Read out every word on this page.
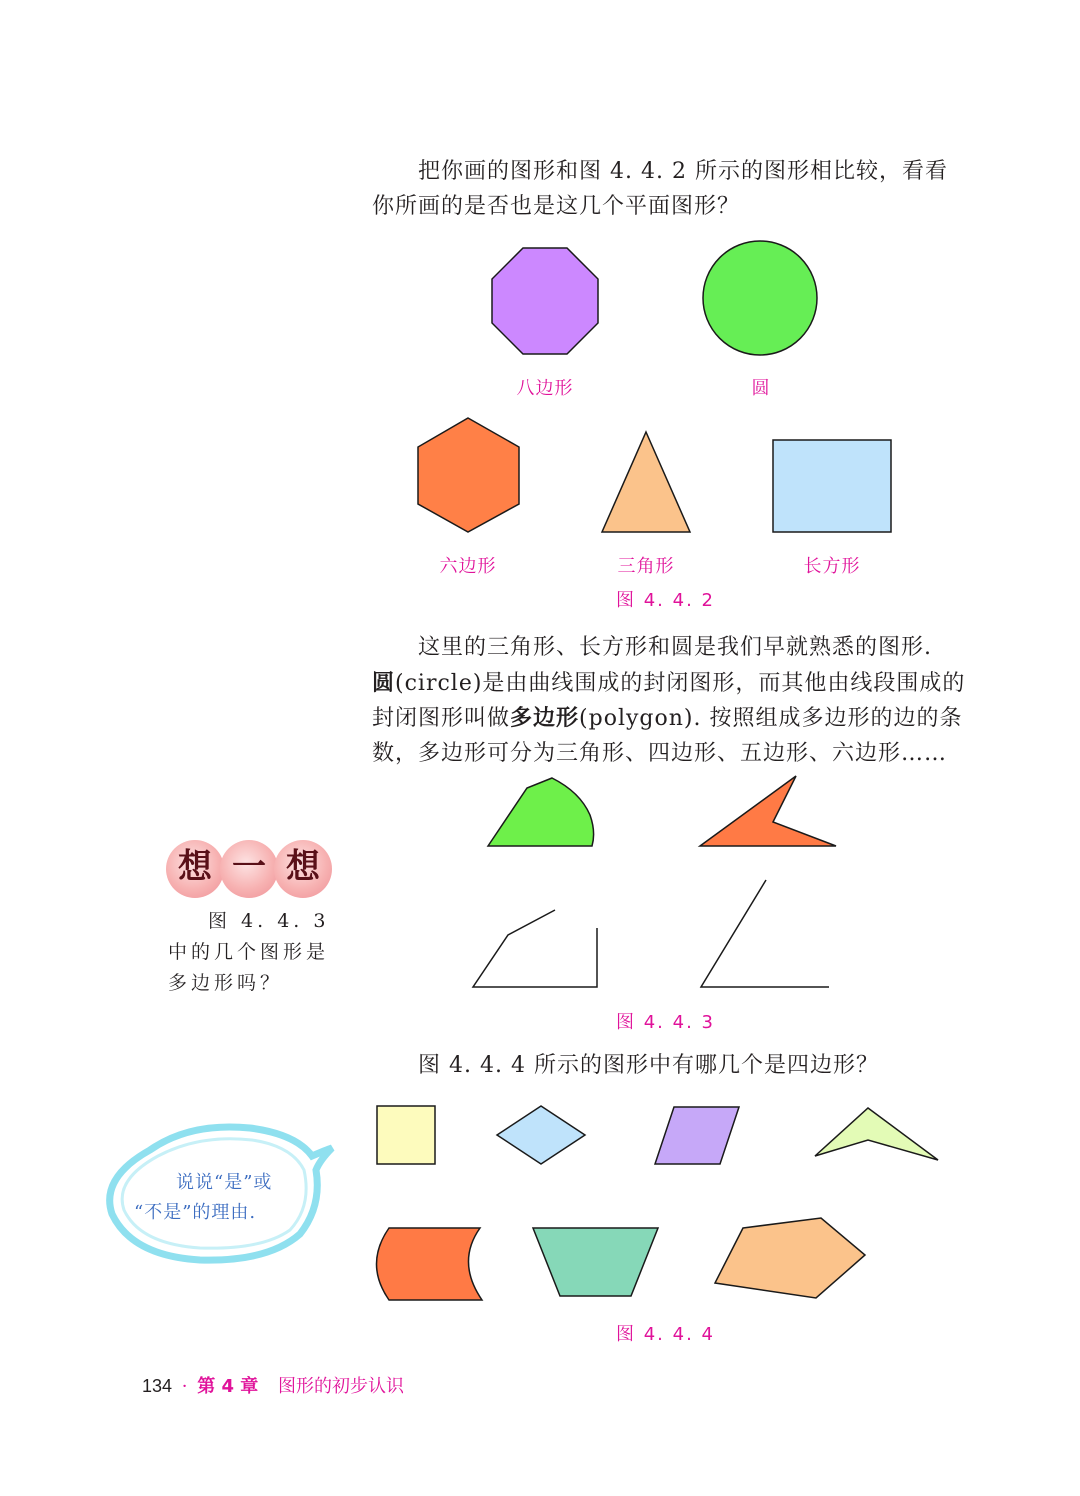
把你画的图形和图 4. 4. 2 所示的图形相比较，看看

你所画的是否也是这几个平面图形？

八边形	圆
六边形	三角形	长方形
图 4. 4. 2

这里的三角形、长方形和圆是我们早就熟悉的图形.

圆(circle)是由曲线围成的封闭图形，而其他由线段围成的

封闭图形叫做多边形(polygon). 按照组成多边形的边的条

数，多边形可分为三角形、四边形、五边形、六边形……

想 一 想

图 4. 4. 3 中的几个图形是多边形吗？

图 4. 4. 3

图 4. 4. 4 所示的图形中有哪几个是四边形？

说说“是”或
“不是”的理由.
图 4. 4. 4
134 · 第 4 章 图形的初步认识
